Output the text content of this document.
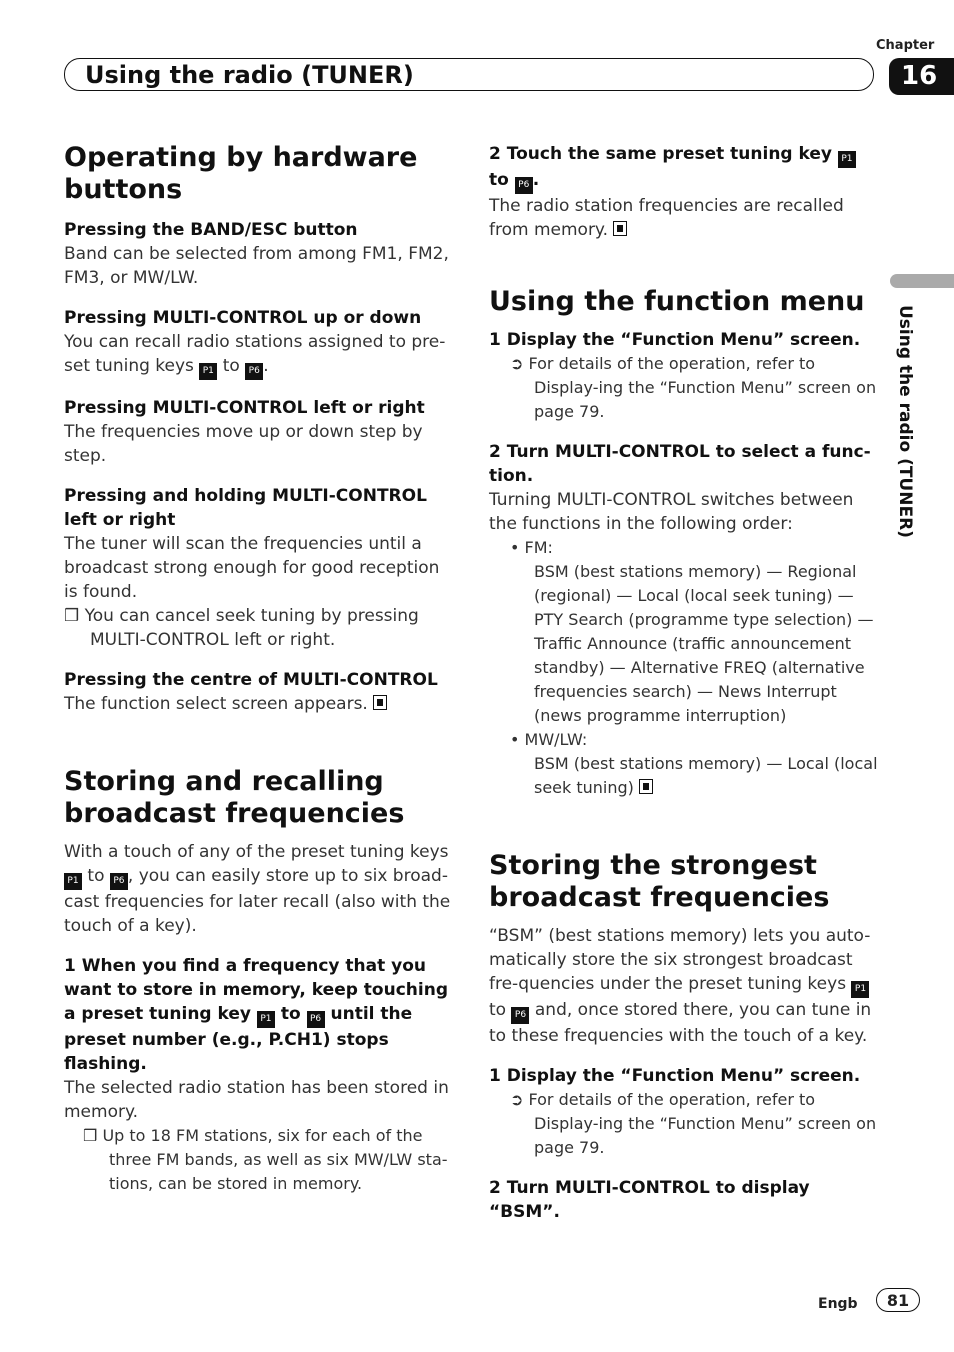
Chapter
16
Using the radio (TUNER)
Using the radio (TUNER)
Operating by hardware buttons

Pressing the BAND/ESC button

Band can be selected from among FM1, FM2, FM3, or MW/LW.

Pressing MULTI-CONTROL up or down

You can recall radio stations assigned to pre-set tuning keys P1 to P6 .

Pressing MULTI-CONTROL left or right

The frequencies move up or down step by step.

Pressing and holding MULTI-CONTROL left or right

The tuner will scan the frequencies until a broadcast strong enough for good reception is found.

❒ You can cancel seek tuning by pressing MULTI-CONTROL left or right.

Pressing the centre of MULTI-CONTROL

The function select screen appears.

Storing and recalling broadcast frequencies

With a touch of any of the preset tuning keys P1 to P6 , you can easily store up to six broad-cast frequencies for later recall (also with the touch of a key).

1 When you find a frequency that you want to store in memory, keep touching a preset tuning key P1 to P6 until the preset number (e.g., P.CH1) stops flashing.

The selected radio station has been stored in memory.

❒ Up to 18 FM stations, six for each of the three FM bands, as well as six MW/LW sta-tions, can be stored in memory.

2 Touch the same preset tuning key P1 to P6 .

The radio station frequencies are recalled from memory.

Using the function menu

1 Display the “Function Menu” screen.

➲ For details of the operation, refer to Display-ing the “Function Menu” screen on page 79.

2 Turn MULTI-CONTROL to select a func-tion.

Turning MULTI-CONTROL switches between the functions in the following order:

• FM:
BSM (best stations memory) — Regional (regional) — Local (local seek tuning) — PTY Search (programme type selection) — Traffic Announce (traffic announcement standby) — Alternative FREQ (alternative frequencies search) — News Interrupt (news programme interruption)

• MW/LW:
BSM (best stations memory) — Local (local seek tuning)

Storing the strongest broadcast frequencies

“BSM” (best stations memory) lets you auto-matically store the six strongest broadcast fre-quencies under the preset tuning keys P1 to P6 and, once stored there, you can tune in to these frequencies with the touch of a key.

1 Display the “Function Menu” screen.

➲ For details of the operation, refer to Display-ing the “Function Menu” screen on page 79.

2 Turn MULTI-CONTROL to display “BSM”.

Engb	81
